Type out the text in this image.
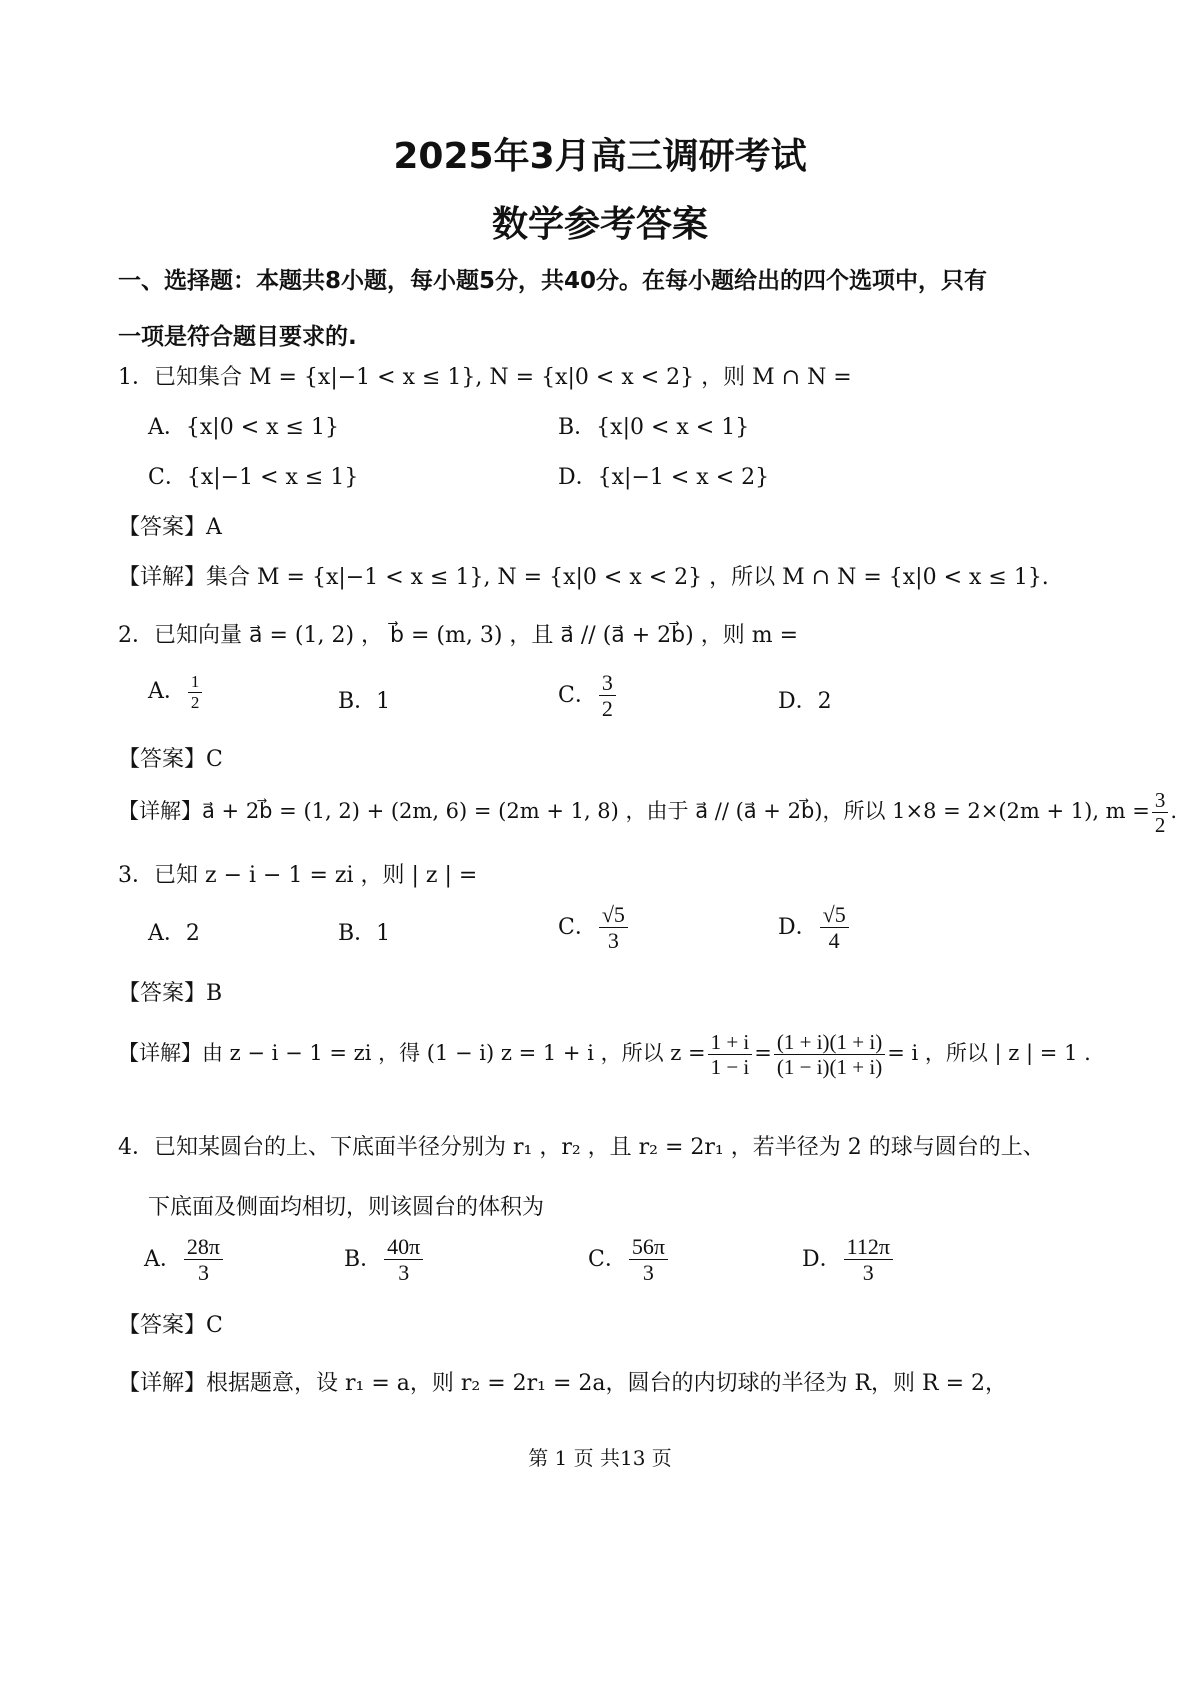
2025年3月高三调研考试
数学参考答案
一、选择题：本题共8小题，每小题5分，共40分。在每小题给出的四个选项中，只有
一项是符合题目要求的.
1．已知集合 M = {x|−1 < x ≤ 1}, N = {x|0 < x < 2} ，则 M ∩ N =
A．{x|0 < x ≤ 1}	B．{x|0 < x < 1}
C．{x|−1 < x ≤ 1}	D．{x|−1 < x < 2}
【答案】A
【详解】集合 M = {x|−1 < x ≤ 1}, N = {x|0 < x < 2} ，所以 M ∩ N = {x|0 < x ≤ 1}.
2．已知向量 a⃗ = (1, 2) ， b⃗ = (m, 3) ，且 a⃗ // (a⃗ + 2b⃗) ，则 m =
A． $\frac{1}{2}$	B．1	C． $\frac{3}{2}$	D．2
【答案】C
【详解】a⃗ + 2b⃗ = (1, 2) + (2m, 6) = (2m + 1, 8) ，由于 a⃗ // (a⃗ + 2b⃗)，所以 1×8 = 2×(2m + 1), $m = \frac{3}{2}$ .
3．已知 z − i − 1 = zi ，则 | z | =
A．2	B．1	C． $\frac{√5}{3}$	D． $\frac{√5}{4}$
【答案】B
【详解】由 z − i − 1 = zi ，得 (1 − i) z = 1 + i ，所以 $z = \frac{1 + i}{1 - i} = \frac{(1 + i)(1 + i)}{(1 - i)(1 + i)} = i$ ，所以 | z | = 1 .
4．已知某圆台的上、下底面半径分别为 r₁ ，r₂ ，且 r₂ = 2r₁ ，若半径为 2 的球与圆台的上、
下底面及侧面均相切，则该圆台的体积为
A． $\frac{28\pi}{3}$	B． $\frac{40\pi}{3}$	C． $\frac{56\pi}{3}$	D． $\frac{112\pi}{3}$
【答案】C
【详解】根据题意，设 r₁ = a，则 r₂ = 2r₁ = 2a，圆台的内切球的半径为 R，则 R = 2，
第 1 页 共13 页
